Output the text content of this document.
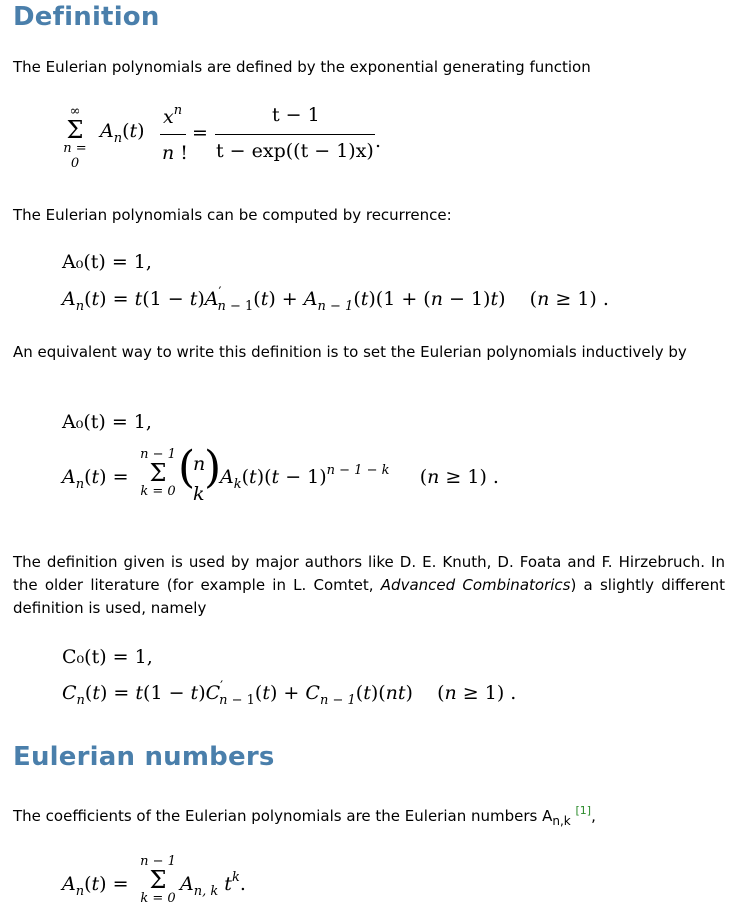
Definition

The Eulerian polynomials are defined by the exponential generating function

∞
Σ
n = 0
$A_n(t)$
$x^n$
n !
=
t − 1
t − exp((t − 1)x) .

The Eulerian polynomials can be computed by recurrence:

A₀(t) = 1,
$A_n(t) = t(1 - t)A'_{n - 1}(t) + A_{n - 1}(t)(1 + (n - 1)t)$    (n ≥ 1) .

An equivalent way to write this definition is to set the Eulerian polynomials inductively by

A₀(t) = 1,
$A_n(t)$ =
n − 1
Σ
k = 0 (
n
k
)
$A_k(t)(t - 1)^{n - 1 - k}$     (n ≥ 1) .

The definition given is used by major authors like D. E. Knuth, D. Foata and F. Hirzebruch. In the older literature (for example in L. Comtet, Advanced Combinatorics) a slightly different definition is used, namely

C₀(t) = 1,
$C_n(t) = t(1 - t)C'_{n - 1}(t) + C_{n - 1}(t)(nt)$    (n ≥ 1) .
Eulerian numbers

The coefficients of the Eulerian polynomials are the Eulerian numbers $A_{n,k}$ [1],

$A_n(t)$ =
n − 1
Σ
k = 0
$A_{n, k}$ $t^k$.
